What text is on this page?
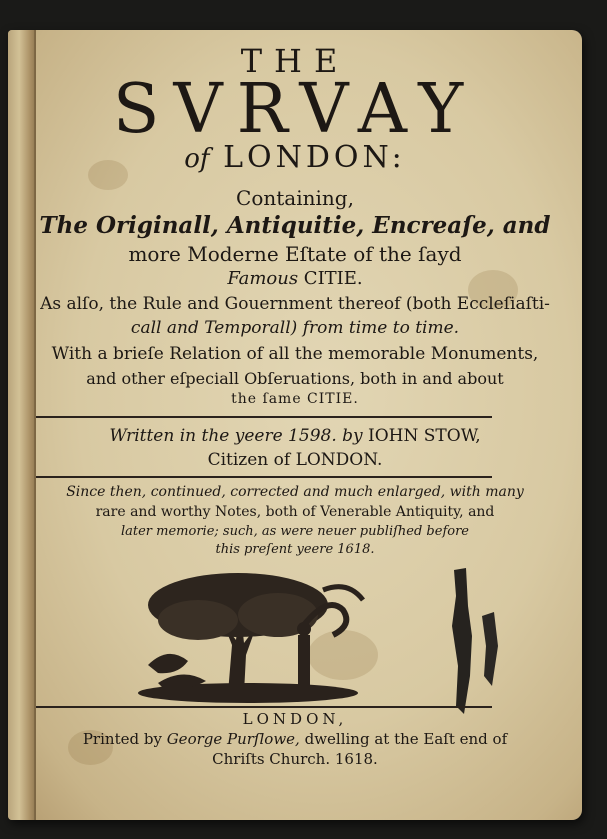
THE
SVRVAY
of LONDON:
Containing,
The Originall, Antiquitie, Encreaſe, and
more Moderne Eſtate of the ſayd
Famous CITIE.
As alſo, the Rule and Gouernment thereof (both Eccleſiaſti-
call and Temporall) from time to time.
With a brieſe Relation of all the memorable Monuments,
and other eſpeciall Obſeruations, both in and about
the ſame CITIE.
Written in the yeere 1598. by IOHN STOW,
Citizen of LONDON.
Since then, continued, corrected and much enlarged, with many
rare and worthy Notes, both of Venerable Antiquity, and
later memorie; such, as were neuer publiſhed before
this preſent yeere 1618.
LONDON,
Printed by George Purſlowe, dwelling at the Eaſt end of
Chriſts Church. 1618.
